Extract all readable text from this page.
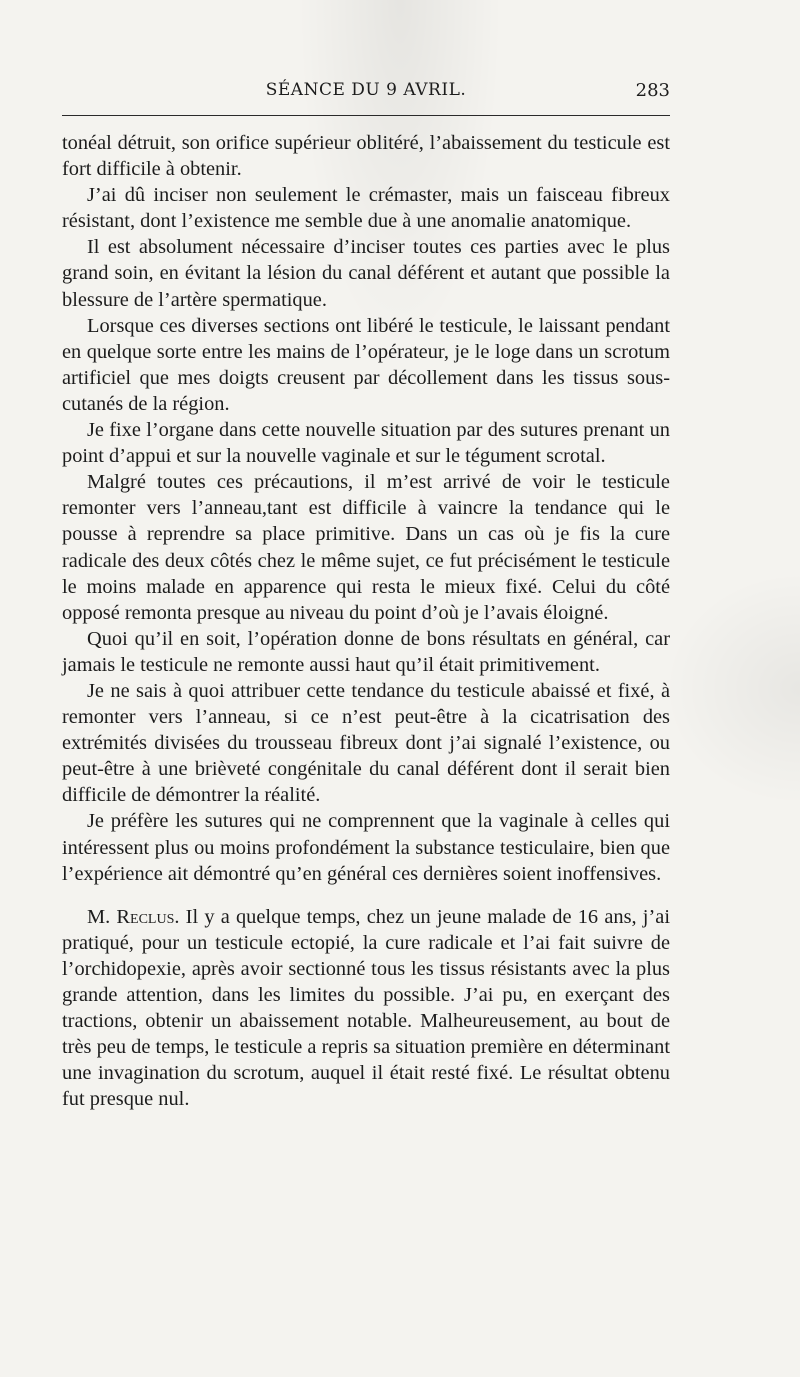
SÉANCE DU 9 AVRIL.	283

tonéal détruit, son orifice supérieur oblitéré, l’abaissement du testicule est fort difficile à obtenir.

J’ai dû inciser non seulement le crémaster, mais un faisceau fibreux résistant, dont l’existence me semble due à une anomalie anatomique.

Il est absolument nécessaire d’inciser toutes ces parties avec le plus grand soin, en évitant la lésion du canal déférent et autant que possible la blessure de l’artère spermatique.

Lorsque ces diverses sections ont libéré le testicule, le laissant pendant en quelque sorte entre les mains de l’opérateur, je le loge dans un scrotum artificiel que mes doigts creusent par décollement dans les tissus sous-cutanés de la région.

Je fixe l’organe dans cette nouvelle situation par des sutures prenant un point d’appui et sur la nouvelle vaginale et sur le tégument scrotal.

Malgré toutes ces précautions, il m’est arrivé de voir le testicule remonter vers l’anneau,tant est difficile à vaincre la tendance qui le pousse à reprendre sa place primitive. Dans un cas où je fis la cure radicale des deux côtés chez le même sujet, ce fut précisément le testicule le moins malade en apparence qui resta le mieux fixé. Celui du côté opposé remonta presque au niveau du point d’où je l’avais éloigné.

Quoi qu’il en soit, l’opération donne de bons résultats en général, car jamais le testicule ne remonte aussi haut qu’il était primitivement.

Je ne sais à quoi attribuer cette tendance du testicule abaissé et fixé, à remonter vers l’anneau, si ce n’est peut-être à la cicatrisation des extrémités divisées du trousseau fibreux dont j’ai signalé l’existence, ou peut-être à une brièveté congénitale du canal déférent dont il serait bien difficile de démontrer la réalité.

Je préfère les sutures qui ne comprennent que la vaginale à celles qui intéressent plus ou moins profondément la substance testiculaire, bien que l’expérience ait démontré qu’en général ces dernières soient inoffensives.

M. Reclus. Il y a quelque temps, chez un jeune malade de 16 ans, j’ai pratiqué, pour un testicule ectopié, la cure radicale et l’ai fait suivre de l’orchidopexie, après avoir sectionné tous les tissus résistants avec la plus grande attention, dans les limites du possible. J’ai pu, en exerçant des tractions, obtenir un abaissement notable. Malheureusement, au bout de très peu de temps, le testicule a repris sa situation première en déterminant une invagination du scrotum, auquel il était resté fixé. Le résultat obtenu fut presque nul.
